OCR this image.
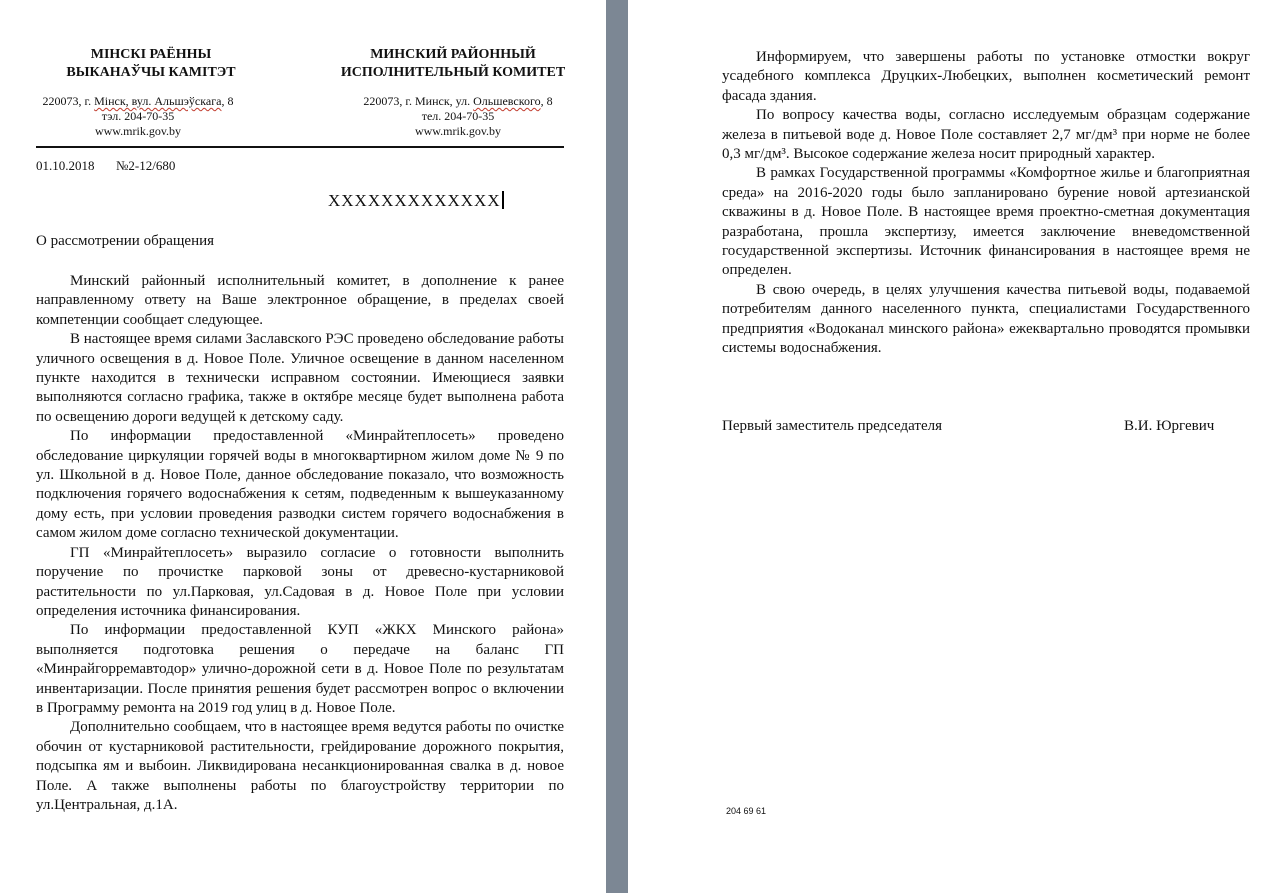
МIНСКI РАЁННЫ
ВЫКАНАЎЧЫ КАМIТЭТ
МИНСКИЙ РАЙОННЫЙ
ИСПОЛНИТЕЛЬНЫЙ КОМИТЕТ
220073, г. Мiнск, вул. Альшэўскага, 8
тэл. 204-70-35
www.mrik.gov.by
220073, г. Минск, ул. Ольшевского, 8
тел. 204-70-35
www.mrik.gov.by
01.10.2018 №2-12/680
ХХХХХХХХХХХХХ
О рассмотрении обращения

Минский районный исполнительный комитет, в дополнение к ранее направленному ответу на Ваше электронное обращение, в пределах своей компетенции сообщает следующее.

В настоящее время силами Заславского РЭС проведено обследование работы уличного освещения в д. Новое Поле. Уличное освещение в данном населенном пункте находится в технически исправном состоянии. Имеющиеся заявки выполняются согласно графика, также в октябре месяце будет выполнена работа по освещению дороги ведущей к детскому саду.

По информации предоставленной «Минрайтеплосеть» проведено обследование циркуляции горячей воды в многоквартирном жилом доме № 9 по ул. Школьной в д. Новое Поле, данное обследование показало, что возможность подключения горячего водоснабжения к сетям, подведенным к вышеуказанному дому есть, при условии проведения разводки систем горячего водоснабжения в самом жилом доме согласно технической документации.

ГП «Минрайтеплосеть» выразило согласие о готовности выполнить поручение по прочистке парковой зоны от древесно-кустарниковой растительности по ул.Парковая, ул.Садовая в д. Новое Поле при условии определения источника финансирования.

По информации предоставленной КУП «ЖКХ Минского района» выполняется подготовка решения о передаче на баланс ГП «Минрайгорремавтодор» улично-дорожной сети в д. Новое Поле по результатам инвентаризации. После принятия решения будет рассмотрен вопрос о включении в Программу ремонта на 2019 год улиц в д. Новое Поле.

Дополнительно сообщаем, что в настоящее время ведутся работы по очистке обочин от кустарниковой растительности, грейдирование дорожного покрытия, подсыпка ям и выбоин. Ликвидирована несанкционированная свалка в д. новое Поле. А также выполнены работы по благоустройству территории по ул.Центральная, д.1А.

Информируем, что завершены работы по установке отмостки вокруг усадебного комплекса Друцких-Любецких, выполнен косметический ремонт фасада здания.

По вопросу качества воды, согласно исследуемым образцам содержание железа в питьевой воде д. Новое Поле составляет 2,7 мг/дм³ при норме не более 0,3 мг/дм³. Высокое содержание железа носит природный характер.

В рамках Государственной программы «Комфортное жилье и благоприятная среда» на 2016-2020 годы было запланировано бурение новой артезианской скважины в д. Новое Поле. В настоящее время проектно-сметная документация разработана, прошла экспертизу, имеется заключение вневедомственной государственной экспертизы. Источник финансирования в настоящее время не определен.

В свою очередь, в целях улучшения качества питьевой воды, подаваемой потребителям данного населенного пункта, специалистами Государственного предприятия «Водоканал минского района» ежеквартально проводятся промывки системы водоснабжения.

Первый заместитель председателя	В.И. Юргевич
204 69 61
